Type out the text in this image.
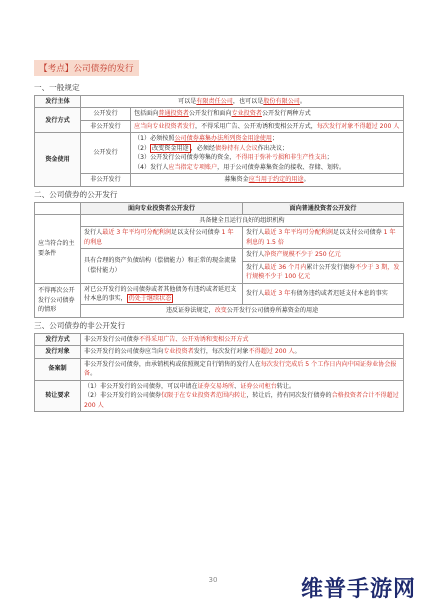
【考点】公司债券的发行
一、一般规定
发行主体	可以是有限责任公司，也可以是股份有限公司。	
发行方式	公开发行	包括面向普通投资者公开发行和面向专业投资者公开发行两种方式
	非公开发行	应当向专业投资者发行，不得采用广告、公开劝诱和变相公开方式，每次发行对象不得超过 200 人
资金使用	公开发行	（1）必须按照公司债券募集办法所列资金用途使用；
（2） 改变资金用途 ，必须经债券持有人会议作出决议；
（3）公开发行公司债券筹集的资金，不得用于弥补亏损和非生产性支出；
（4）发行人应当指定专项账户，用于公司债券募集资金的接收、存储、划转。

	非公开发行	募集资金应当用于约定的用途。
二、公司债券的公开发行
	面向专业投资者公开发行	面向普通投资者公开发行
应当符合的主要条件	具备健全且运行良好的组织机构	
	发行人最近 3 年平均可分配利润足以支付公司债券 1 年的利息	发行人最近 3 年平均可分配利润足以支付公司债券 1 年利息的 1.5 倍
	具有合理的资产负债结构（偿债能力）和正常的现金流量（偿付能力）	发行人净资产规模不少于 250 亿元
		发行人最近 36 个月内累计公开发行债券不少于 3 期，发行规模不少于 100 亿元
不得再次公开发行公司债券的情形	对已公开发行的公司债券或者其他债务有违约或者延迟支付本息的事实， 仍处于继续状态	发行人最近 3 年有债务违约或者迟延支付本息的事实
	违反证券法规定，改变公开发行公司债券所募资金的用途	
三、公司债券的非公开发行
发行方式	非公开发行公司债券不得采用广告、公开劝诱和变相公开方式
发行对象	非公开发行的公司债券应当向专业投资者发行，每次发行对象不得超过 200 人。
备案制	非公开发行公司债券，由承销机构或依照规定自行销售的发行人在每次发行完成后 5 个工作日内向中国证券业协会报备。
转让要求	（1）非公开发行的公司债券，可以申请在证券交易场所、证券公司柜台转让。
（2）非公开发行的公司债券仅限于在专业投资者范围内转让，转让后，持有同次发行债券的合格投资者合计不得超过 200 人
30	维普手游网
